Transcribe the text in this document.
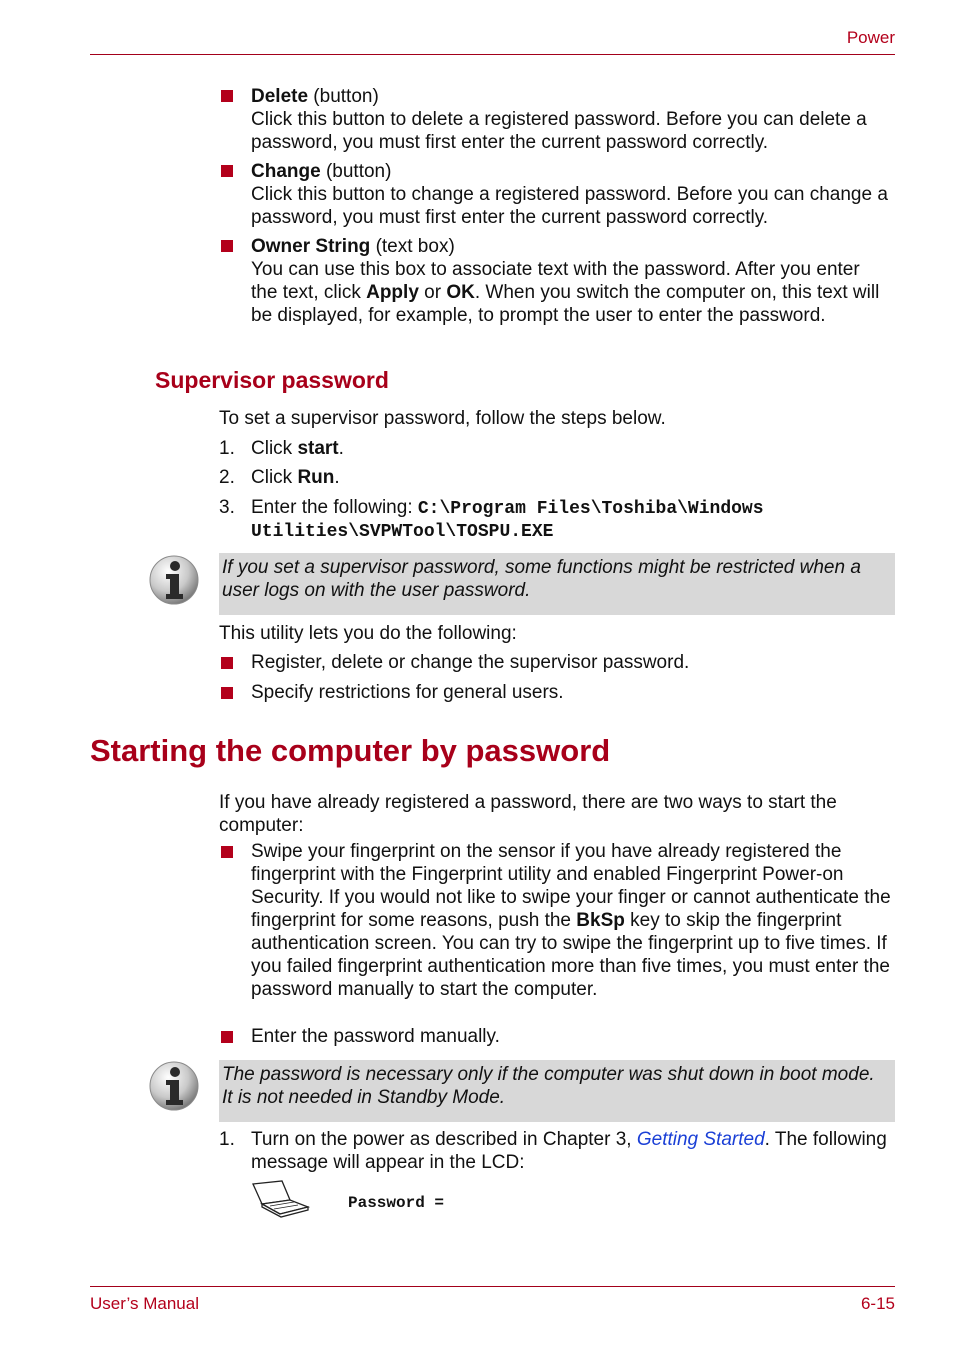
Power
Delete (button)
Click this button to delete a registered password. Before you can delete a password, you must first enter the current password correctly.
Change (button)
Click this button to change a registered password. Before you can change a password, you must first enter the current password correctly.
Owner String (text box)
You can use this box to associate text with the password. After you enter the text, click Apply or OK. When you switch the computer on, this text will be displayed, for example, to prompt the user to enter the password.
Supervisor password
To set a supervisor password, follow the steps below.
1. Click start.
2. Click Run.
3. Enter the following: C:\Program Files\Toshiba\Windows
Utilities\SVPWTool\TOSPU.EXE
If you set a supervisor password, some functions might be restricted when a user logs on with the user password.
This utility lets you do the following:
Register, delete or change the supervisor password.
Specify restrictions for general users.
Starting the computer by password
If you have already registered a password, there are two ways to start the computer:
Swipe your fingerprint on the sensor if you have already registered the fingerprint with the Fingerprint utility and enabled Fingerprint Power-on Security. If you would not like to swipe your finger or cannot authenticate the fingerprint for some reasons, push the BkSp key to skip the fingerprint authentication screen. You can try to swipe the fingerprint up to five times. If you failed fingerprint authentication more than five times, you must enter the password manually to start the computer.
Enter the password manually.
The password is necessary only if the computer was shut down in boot mode. It is not needed in Standby Mode.
1. Turn on the power as described in Chapter 3, Getting Started. The following message will appear in the LCD:
Password =
User’s Manual	6-15
